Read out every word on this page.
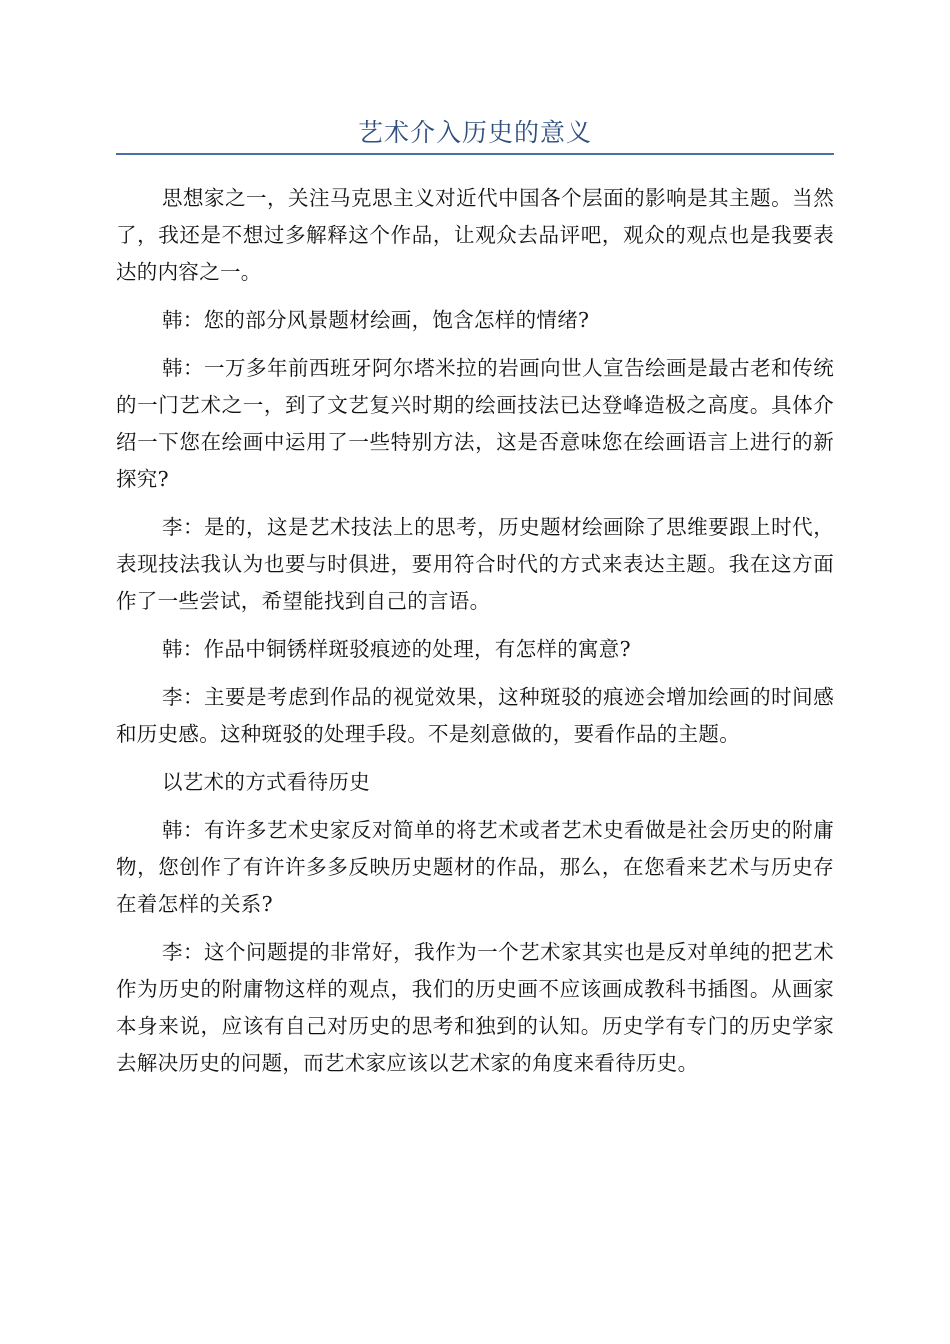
艺术介入历史的意义

思想家之一，关注马克思主义对近代中国各个层面的影响是其主题。当然了，我还是不想过多解释这个作品，让观众去品评吧，观众的观点也是我要表达的内容之一。

韩：您的部分风景题材绘画，饱含怎样的情绪?

韩：一万多年前西班牙阿尔塔米拉的岩画向世人宣告绘画是最古老和传统的一门艺术之一，到了文艺复兴时期的绘画技法已达登峰造极之高度。具体介绍一下您在绘画中运用了一些特别方法，这是否意味您在绘画语言上进行的新探究?

李：是的，这是艺术技法上的思考，历史题材绘画除了思维要跟上时代，表现技法我认为也要与时俱进，要用符合时代的方式来表达主题。我在这方面作了一些尝试，希望能找到自己的言语。

韩：作品中铜锈样斑驳痕迹的处理，有怎样的寓意?

李：主要是考虑到作品的视觉效果，这种斑驳的痕迹会增加绘画的时间感和历史感。这种斑驳的处理手段。不是刻意做的，要看作品的主题。

以艺术的方式看待历史

韩：有许多艺术史家反对简单的将艺术或者艺术史看做是社会历史的附庸物，您创作了有许许多多反映历史题材的作品，那么，在您看来艺术与历史存在着怎样的关系?

李：这个问题提的非常好，我作为一个艺术家其实也是反对单纯的把艺术作为历史的附庸物这样的观点，我们的历史画不应该画成教科书插图。从画家本身来说，应该有自己对历史的思考和独到的认知。历史学有专门的历史学家去解决历史的问题，而艺术家应该以艺术家的角度来看待历史。
